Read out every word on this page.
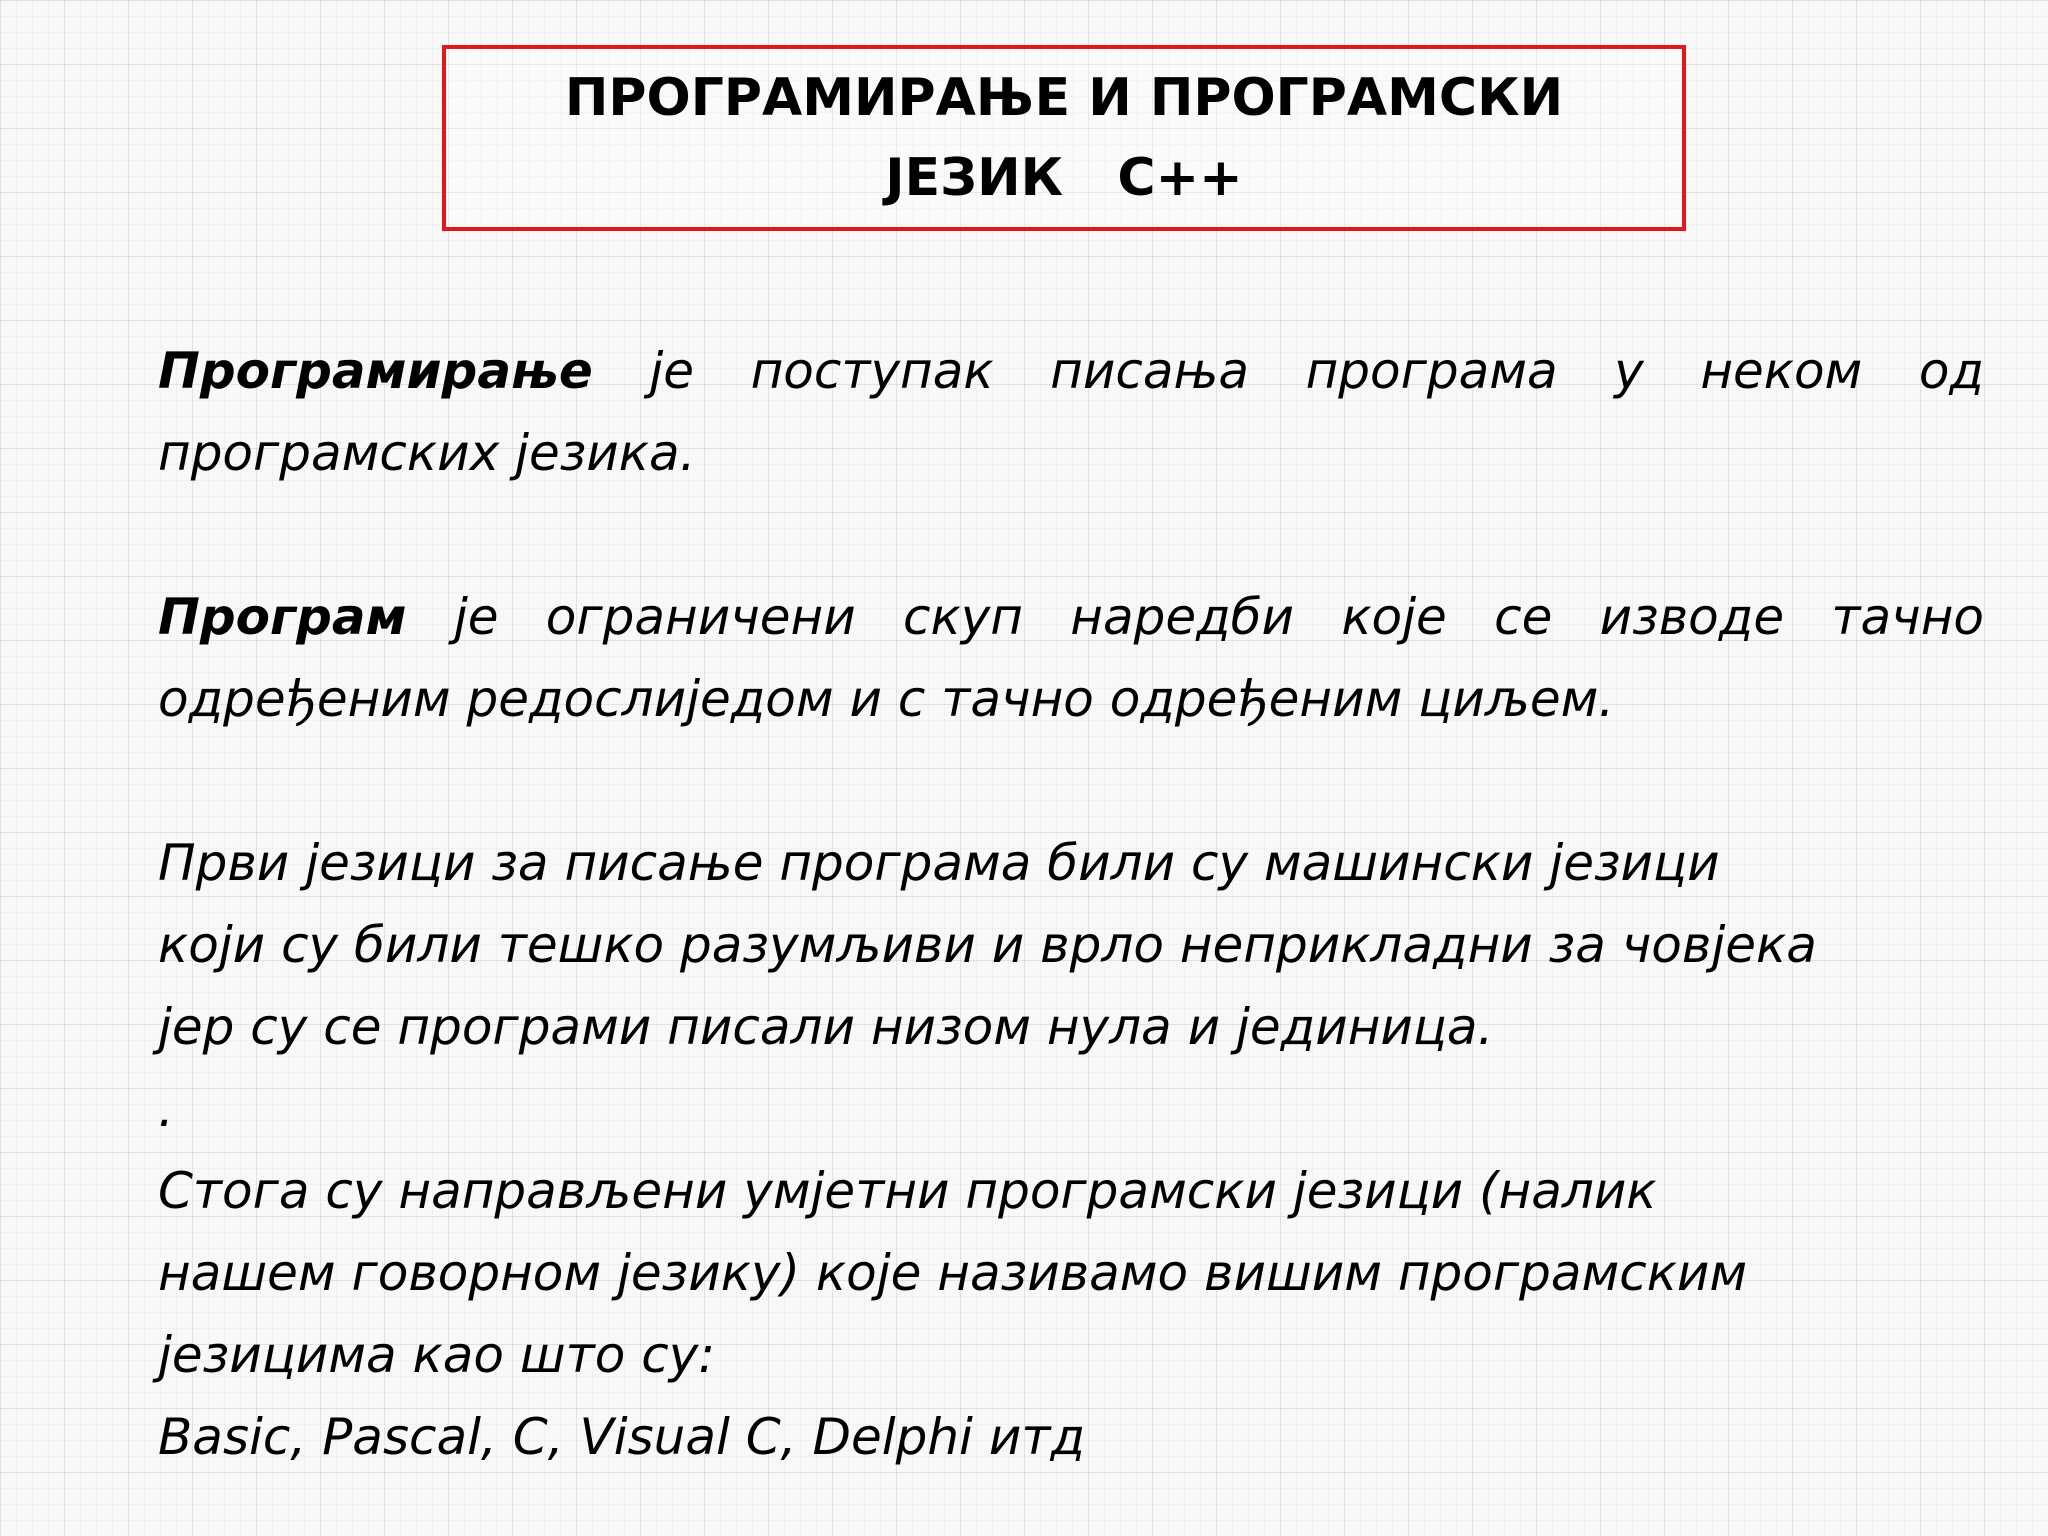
ПРОГРАМИРАЊЕ И ПРОГРАМСКИ
ЈЕЗИК   С++

Програмирање је поступак писања програма у неком од програмских језика.

Програм је ограничени скуп наредби које се изводе тачно одређеним редослиједом и с тачно одређеним циљем.

Први језици за писање програма били су машински језици
који су били тешко разумљиви и врло неприкладни за човјека
јер су се програми писали низом нула и јединица.
.

Стога су направљени умјетни програмски језици (налик
нашем говорном језику) које називамо вишим програмским
језицима као што су:
Basic, Pascal, C, Visual C, Delphi итд
